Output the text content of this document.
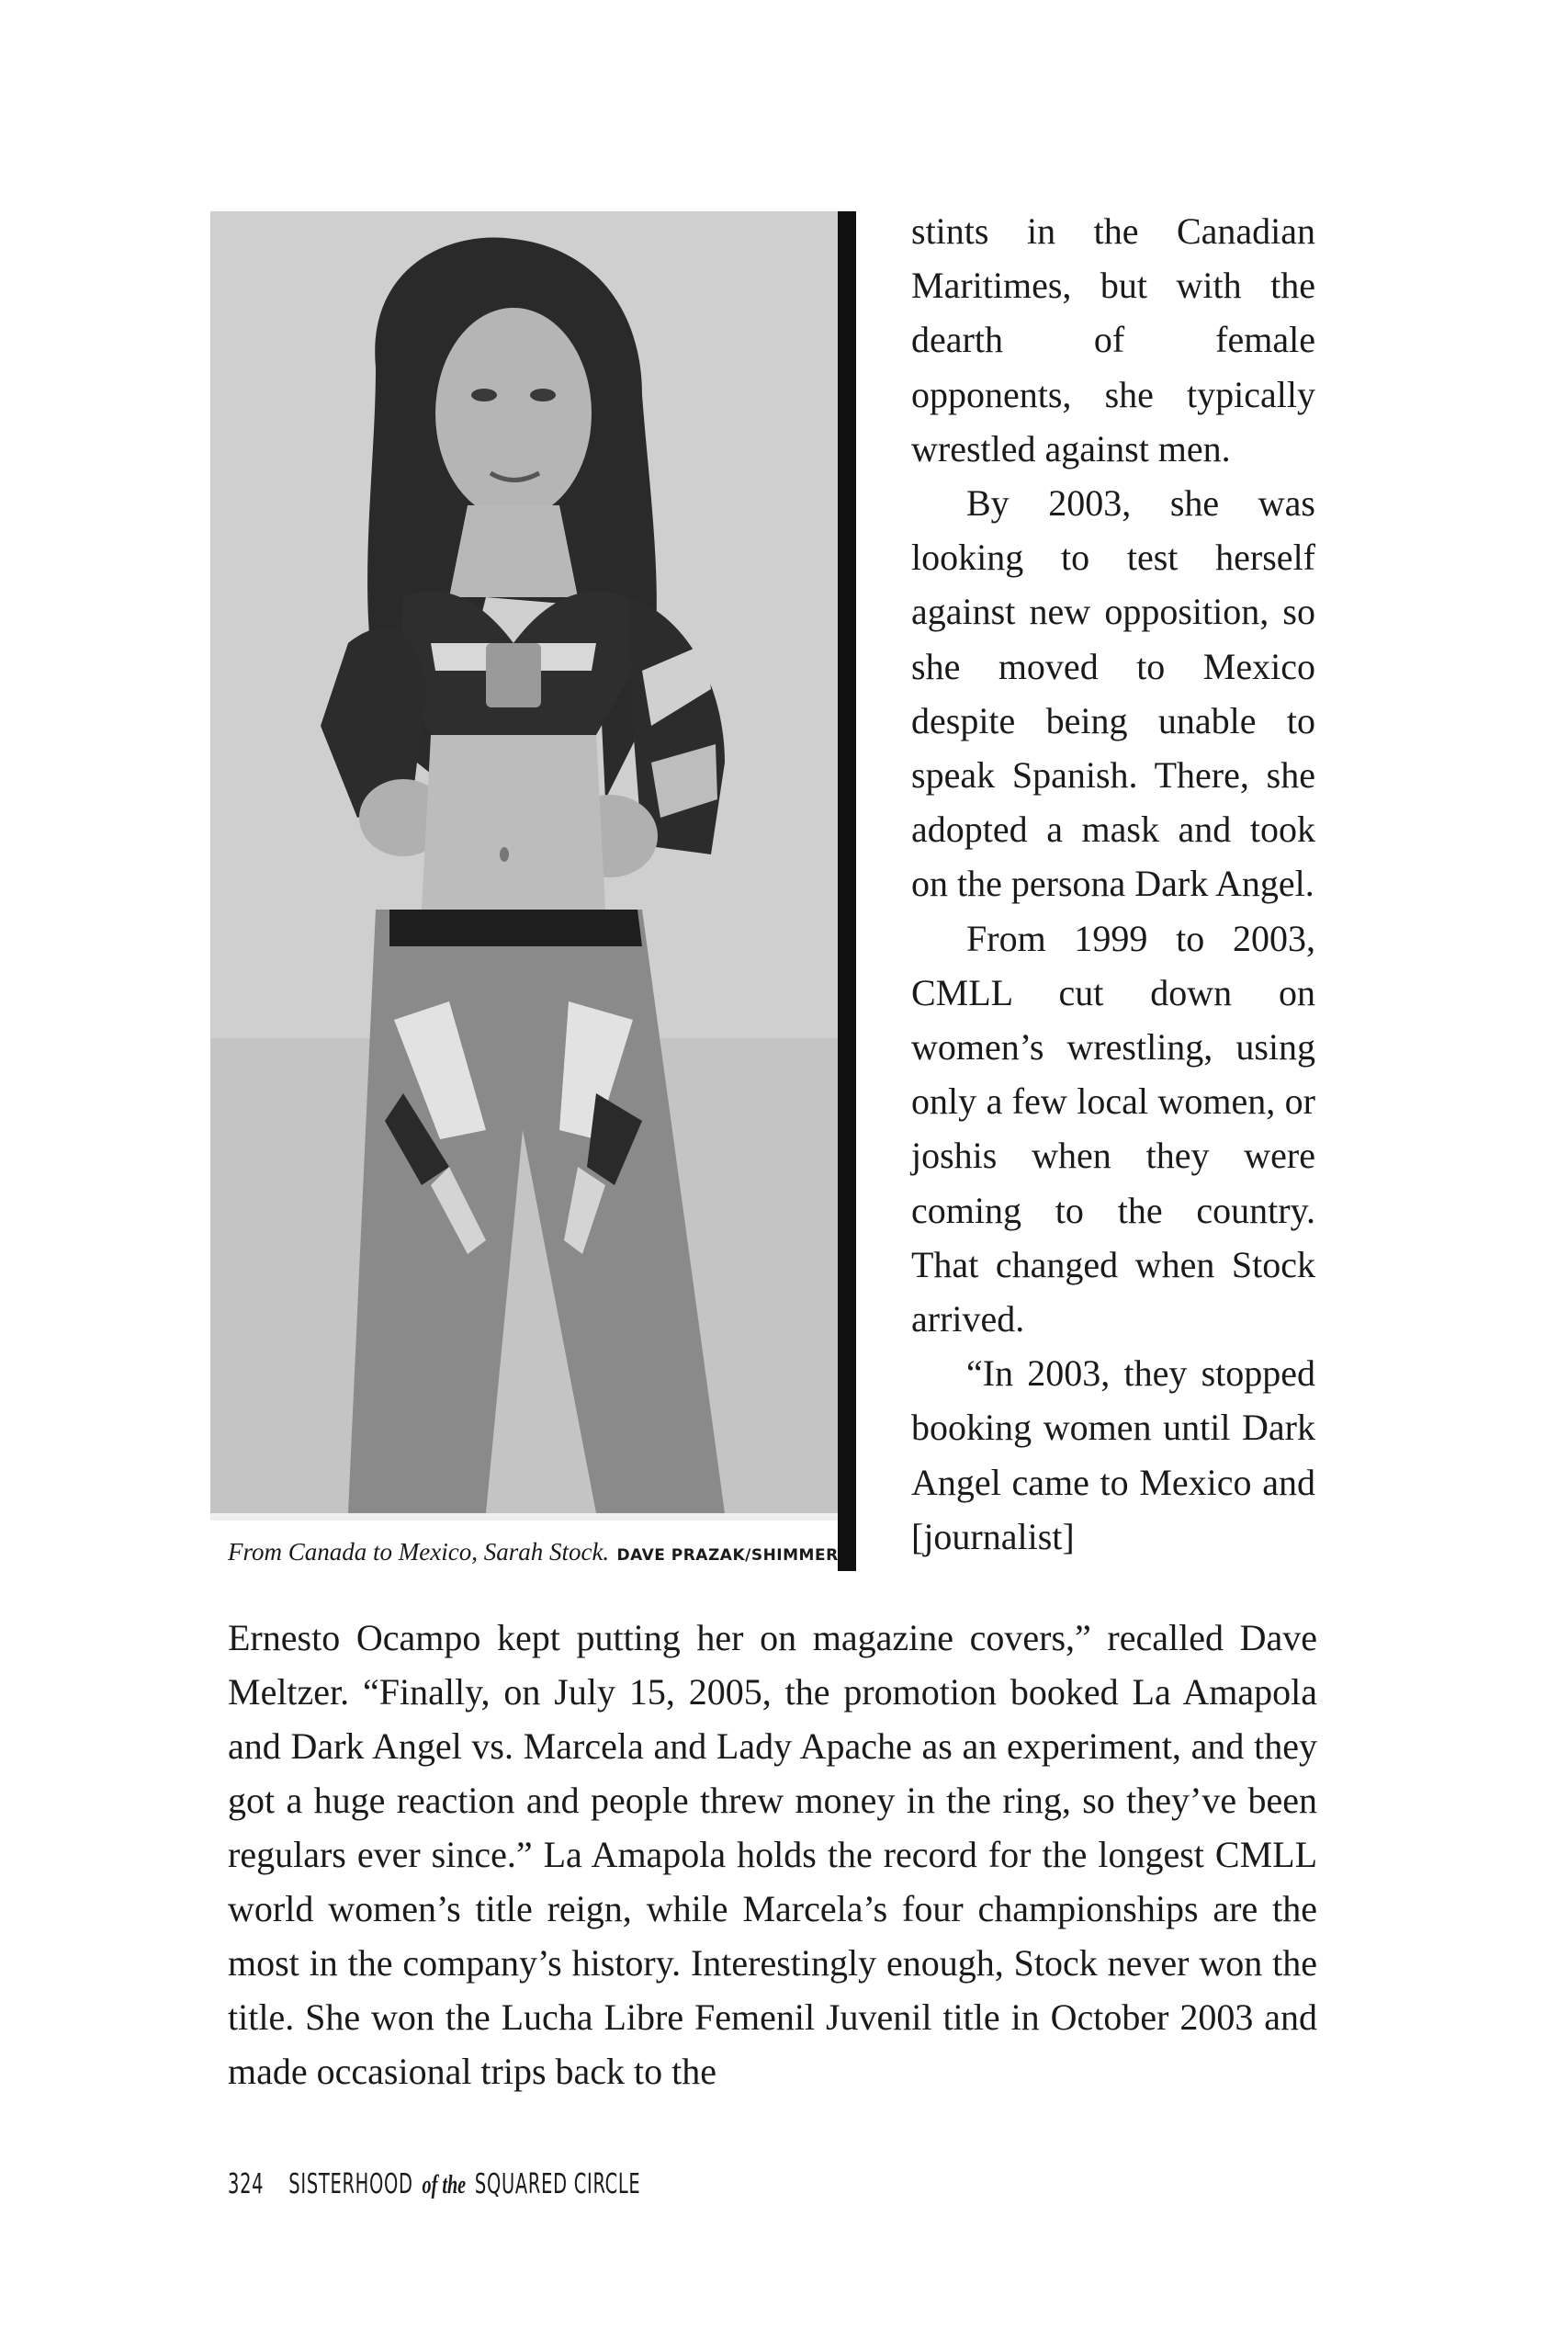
From Canada to Mexico, Sarah Stock. DAVE PRAZAK/SHIMMER

stints in the Canadian Maritimes, but with the dearth of female opponents, she typically wrestled against men.

By 2003, she was looking to test herself against new opposition, so she moved to Mexico despite being unable to speak Spanish. There, she adopted a mask and took on the persona Dark Angel.

From 1999 to 2003, CMLL cut down on women’s wrestling, using only a few local women, or joshis when they were coming to the country. That changed when Stock arrived.

“In 2003, they stopped booking women until Dark Angel came to Mexico and [journalist]

Ernesto Ocampo kept putting her on magazine covers,” recalled Dave Meltzer. “Finally, on July 15, 2005, the promotion booked La Amapola and Dark Angel vs. Marcela and Lady Apache as an experiment, and they got a huge reaction and people threw money in the ring, so they’ve been regulars ever since.” La Amapola holds the record for the longest CMLL world women’s title reign, while Marcela’s four championships are the most in the company’s history. Interestingly enough, Stock never won the title. She won the Lucha Libre Femenil Juvenil title in October 2003 and made occasional trips back to the

324 SISTERHOOD of the SQUARED CIRCLE
